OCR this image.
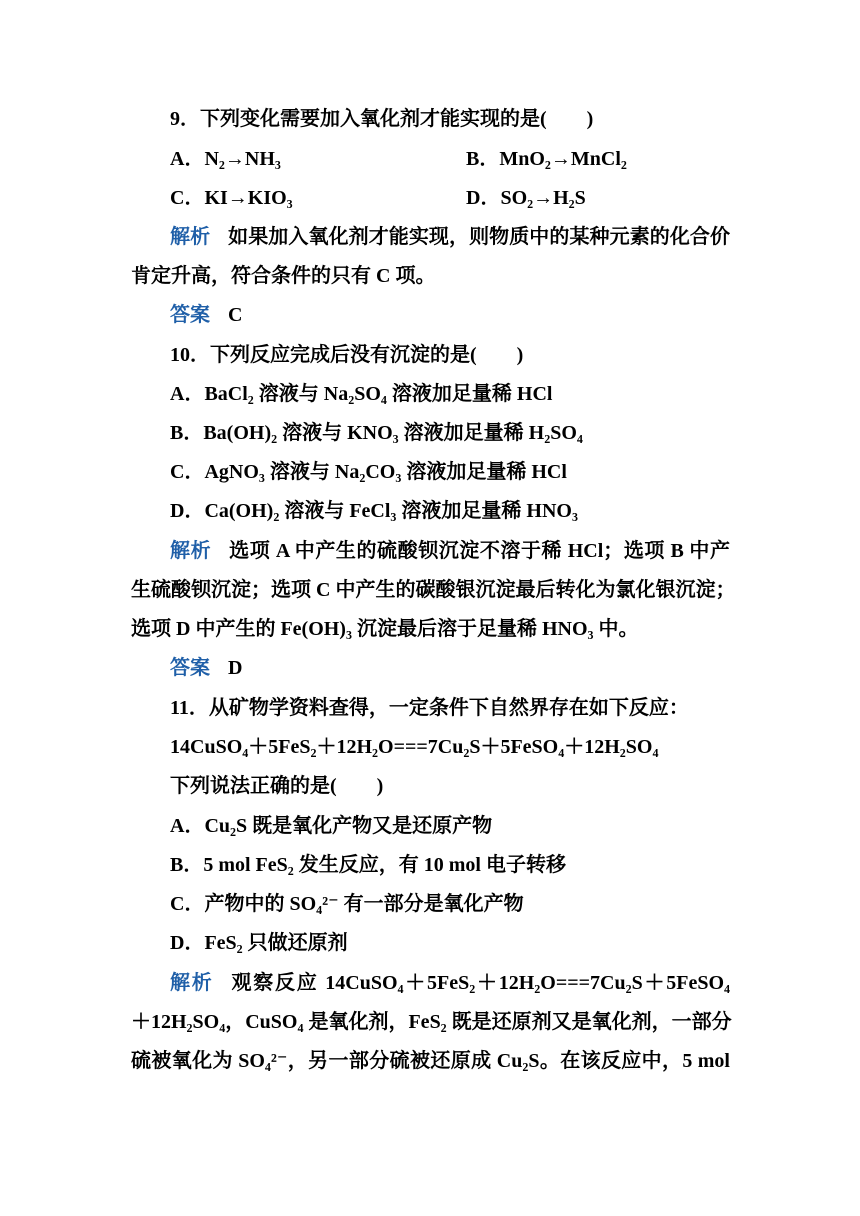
9．下列变化需要加入氧化剂才能实现的是(　　)
A．N₂→NH₃	B．MnO₂→MnCl₂
C．KI→KIO₃	D．SO₂→H₂S
解析 如果加入氧化剂才能实现，则物质中的某种元素的化合价
肯定升高，符合条件的只有 C 项。
答案 C
10．下列反应完成后没有沉淀的是(　　)
A．BaCl₂ 溶液与 Na₂SO₄ 溶液加足量稀 HCl
B．Ba(OH)₂ 溶液与 KNO₃ 溶液加足量稀 H₂SO₄
C．AgNO₃ 溶液与 Na₂CO₃ 溶液加足量稀 HCl
D．Ca(OH)₂ 溶液与 FeCl₃ 溶液加足量稀 HNO₃
解析 选项 A 中产生的硫酸钡沉淀不溶于稀 HCl；选项 B 中产
生硫酸钡沉淀；选项 C 中产生的碳酸银沉淀最后转化为氯化银沉淀；
选项 D 中产生的 Fe(OH)₃ 沉淀最后溶于足量稀 HNO₃ 中。
答案 D
11．从矿物学资料查得，一定条件下自然界存在如下反应：
14CuSO₄＋5FeS₂＋12H₂O===7Cu₂S＋5FeSO₄＋12H₂SO₄
下列说法正确的是(　　)
A．Cu₂S 既是氧化产物又是还原产物
B．5 mol FeS₂ 发生反应，有 10 mol 电子转移
C．产物中的 SO₄²⁻ 有一部分是氧化产物
D．FeS₂ 只做还原剂
解析 观察反应 14CuSO₄＋5FeS₂＋12H₂O===7Cu₂S＋5FeSO₄
＋12H₂SO₄，CuSO₄ 是氧化剂，FeS₂ 既是还原剂又是氧化剂，一部分
硫被氧化为 SO₄²⁻，另一部分硫被还原成 Cu₂S。在该反应中，5 mol
